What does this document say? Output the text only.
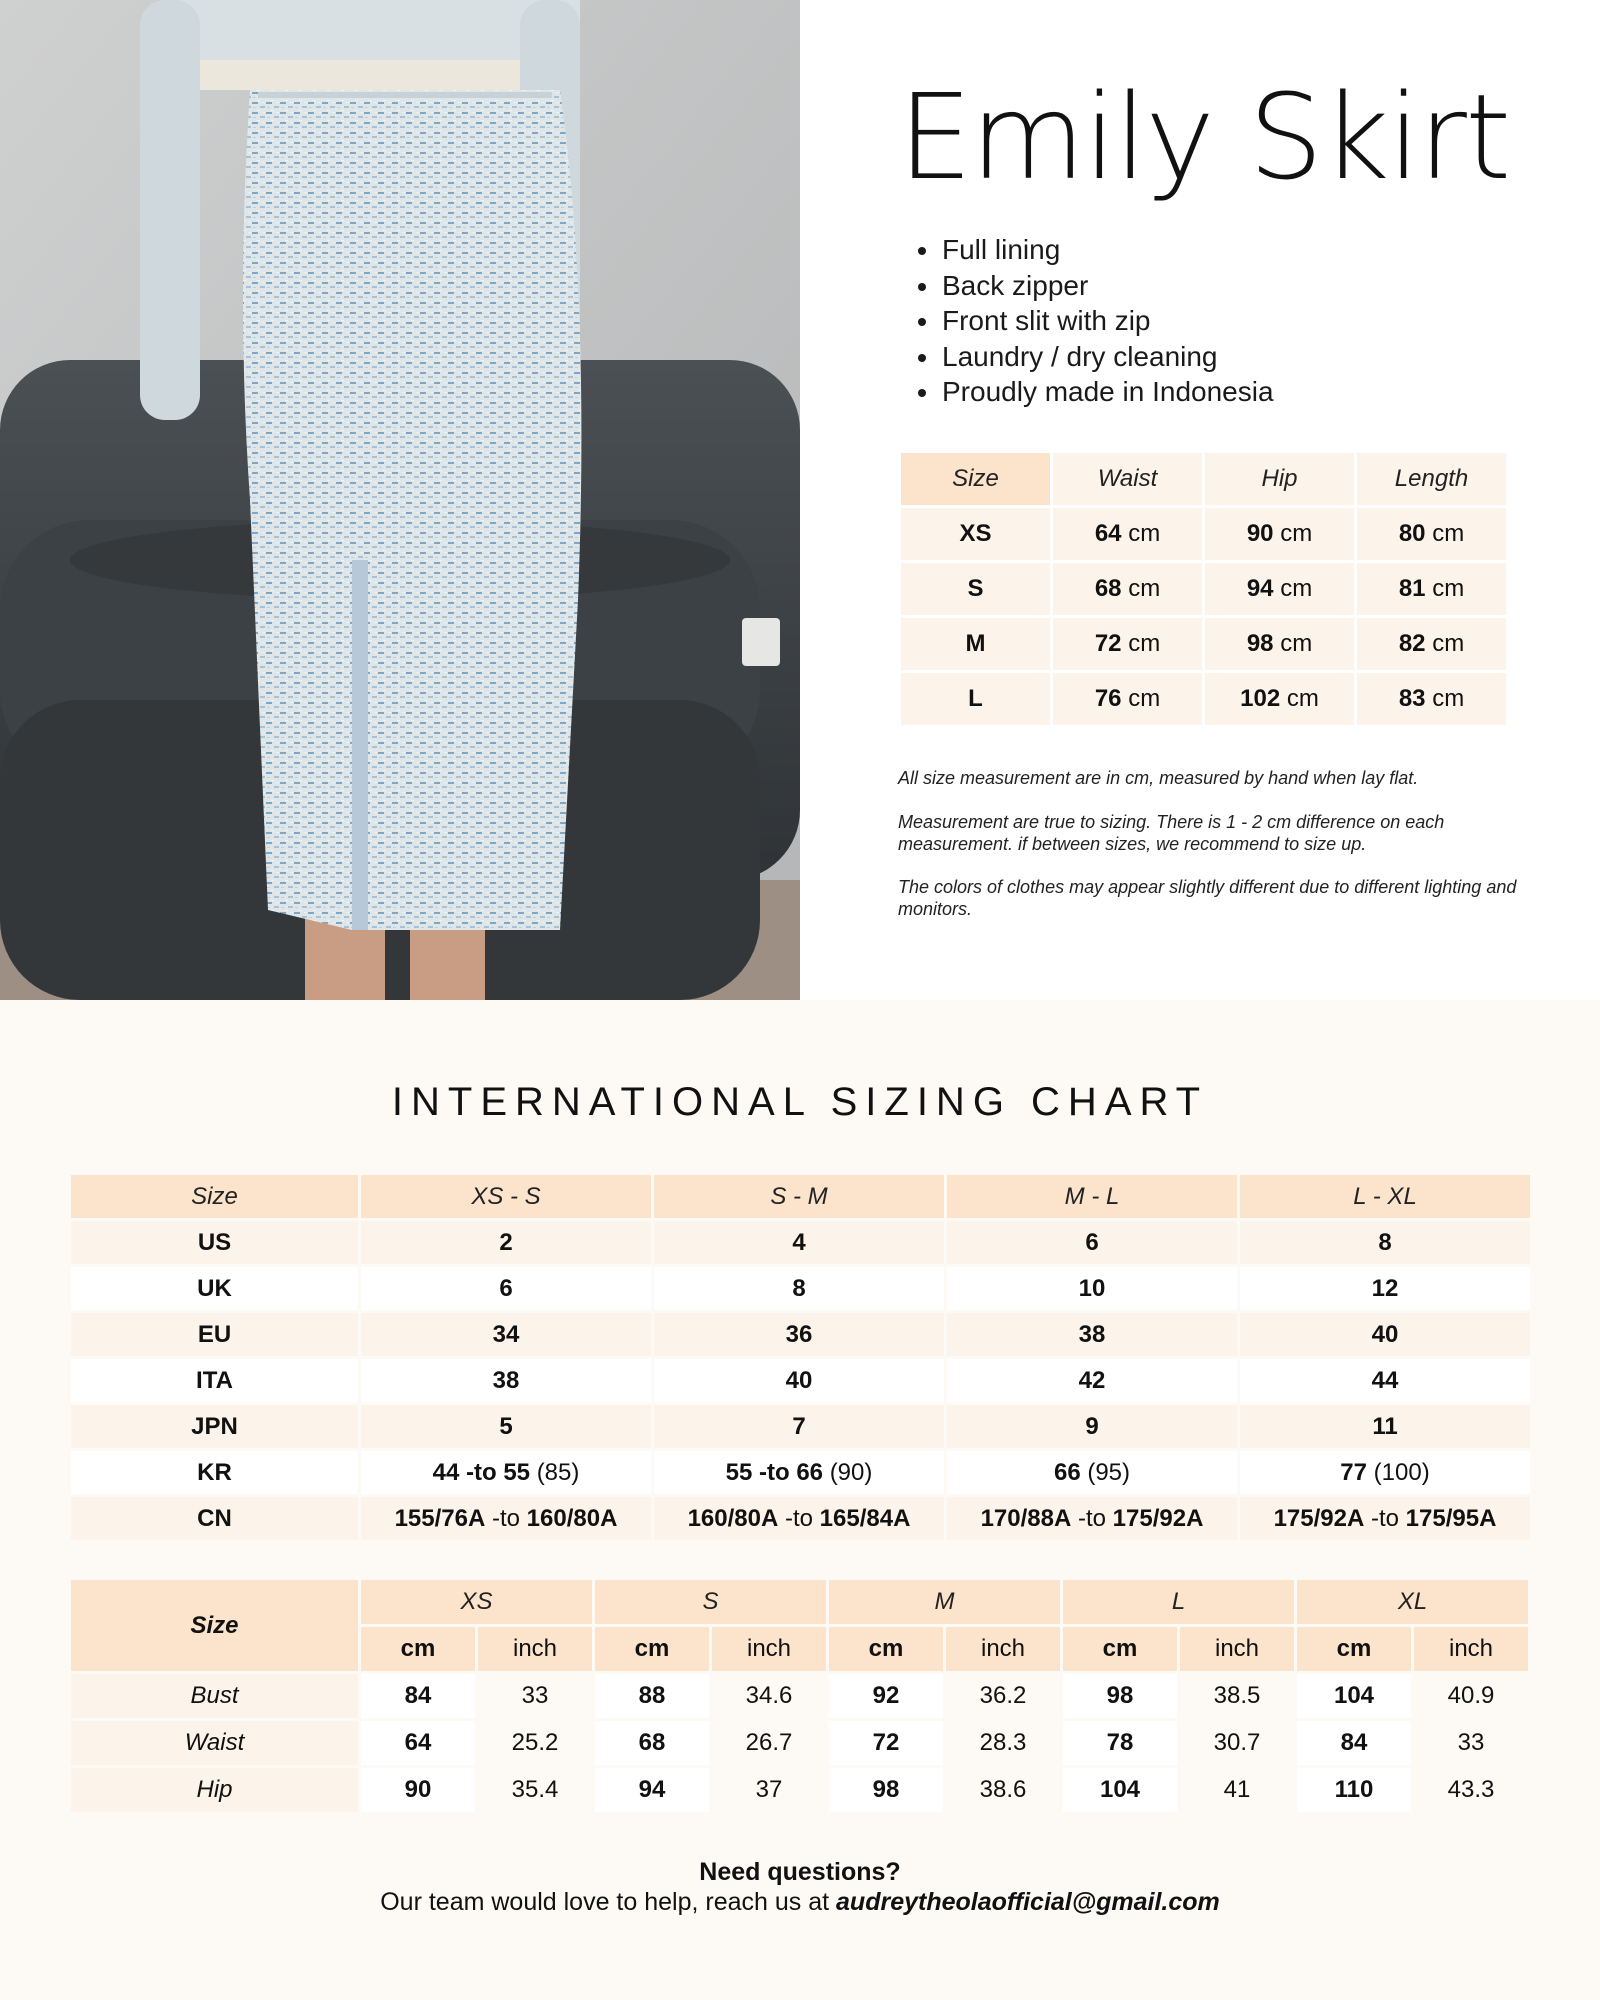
Emily Skirt
Full lining
Back zipper
Front slit with zip
Laundry / dry cleaning
Proudly made in Indonesia
Size	Waist	Hip	Length
XS	64 cm	90 cm	80 cm
S	68 cm	94 cm	81 cm
M	72 cm	98 cm	82 cm
L	76 cm	102 cm	83 cm

All size measurement are in cm, measured by hand when lay flat.

Measurement are true to sizing. There is 1 - 2 cm difference on each measurement. if between sizes, we recommend to size up.

The colors of clothes may appear slightly different due to different lighting and monitors.

INTERNATIONAL SIZING CHART
Size	XS - S	S - M	M - L	L - XL
US	2	4	6	8
UK	6	8	10	12
EU	34	36	38	40
ITA	38	40	42	44
JPN	5	7	9	11
KR	44 -to 55 (85)	55 -to 66 (90)	66 (95)	77 (100)
CN	155/76A -to 160/80A	160/80A -to 165/84A	170/88A -to 175/92A	175/92A -to 175/95A
Size	XS		S		M		L		XL	
	cm	inch	cm	inch	cm	inch	cm	inch	cm	inch
Bust	84	33	88	34.6	92	36.2	98	38.5	104	40.9
Waist	64	25.2	68	26.7	72	28.3	78	30.7	84	33
Hip	90	35.4	94	37	98	38.6	104	41	110	43.3

Need questions?

Our team would love to help, reach us at audreytheolaofficial@gmail.com
